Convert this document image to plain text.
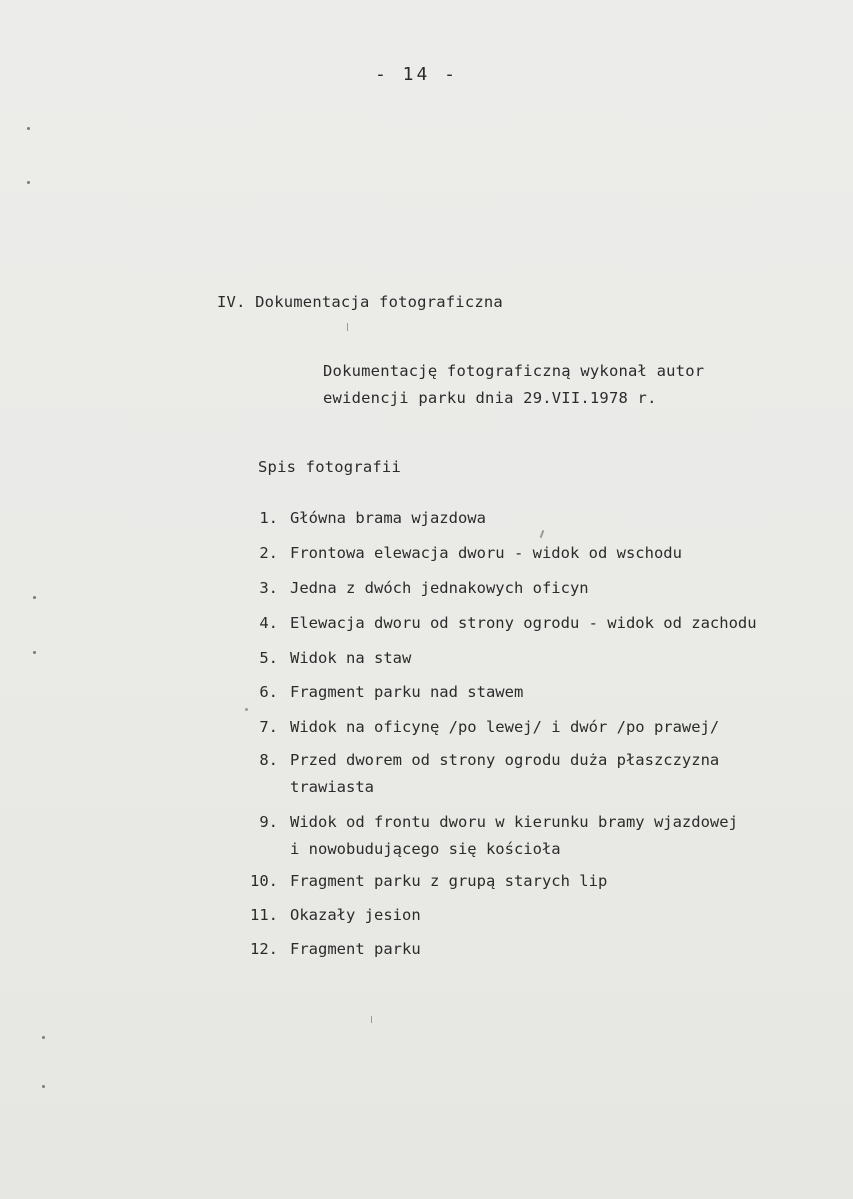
- 14 -

IV. Dokumentacja fotograficzna

Dokumentację fotograficzną wykonał autor

ewidencji parku dnia 29.VII.1978 r.

Spis fotografii

1. Główna brama wjazdowa
2. Frontowa elewacja dworu - widok od wschodu
3. Jedna z dwóch jednakowych oficyn
4. Elewacja dworu od strony ogrodu - widok od zachodu
5. Widok na staw
6. Fragment parku nad stawem
7. Widok na oficynę /po lewej/ i dwór /po prawej/
8. Przed dworem od strony ogrodu duża płaszczyzna
trawiasta
9. Widok od frontu dworu w kierunku bramy wjazdowej
i nowobudującego się kościoła
10. Fragment parku z grupą starych lip
11. Okazały jesion
12. Fragment parku
